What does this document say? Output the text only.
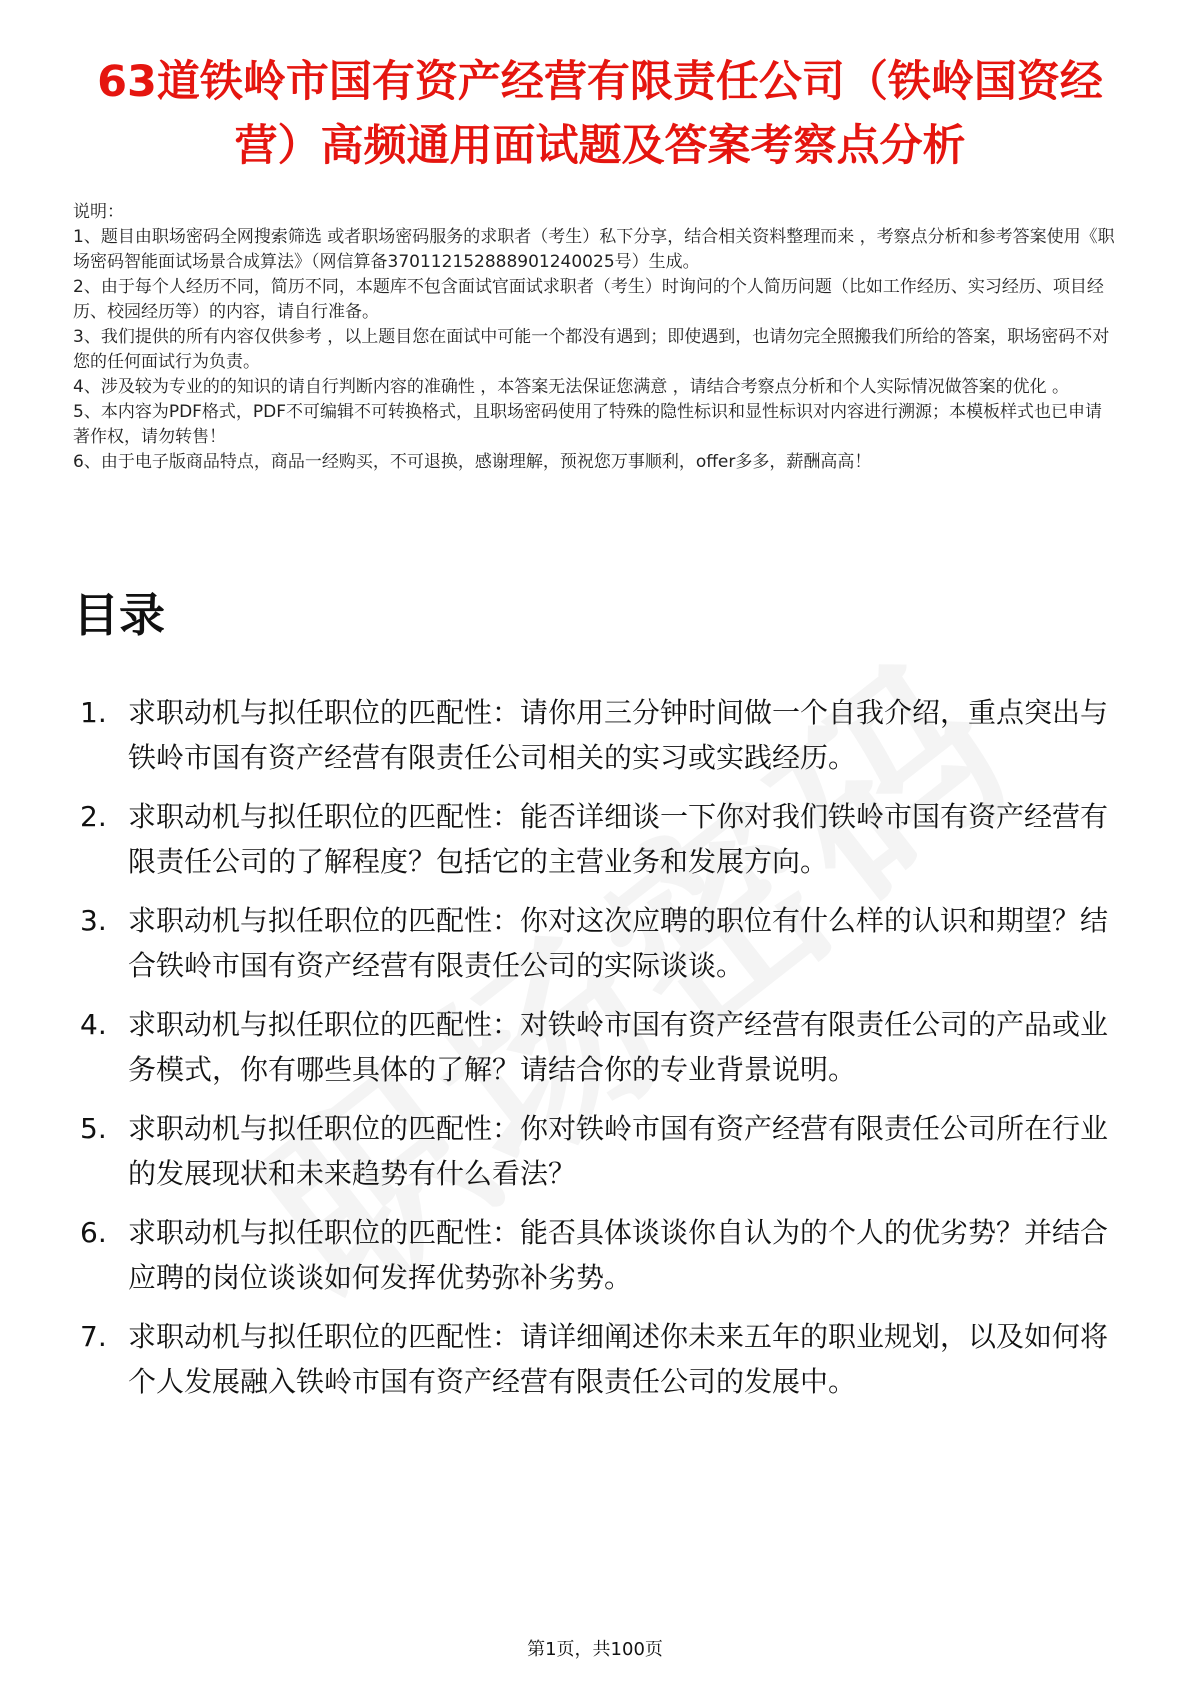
63道铁岭市国有资产经营有限责任公司（铁岭国资经营）高频通用面试题及答案考察点分析
说明：
1、题目由职场密码全网搜索筛选 或者职场密码服务的求职者（考生）私下分享，结合相关资料整理而来 ，考察点分析和参考答案使用《职场密码智能面试场景合成算法》（网信算备370112152888901240025号）生成。
2、由于每个人经历不同，简历不同，本题库不包含面试官面试求职者（考生）时询问的个人简历问题（比如工作经历、实习经历、项目经历、校园经历等）的内容，请自行准备。
3、我们提供的所有内容仅供参考 ，以上题目您在面试中可能一个都没有遇到；即使遇到，也请勿完全照搬我们所给的答案，职场密码不对您的任何面试行为负责。
4、涉及较为专业的的知识的请自行判断内容的准确性 ，本答案无法保证您满意 ，请结合考察点分析和个人实际情况做答案的优化 。
5、本内容为PDF格式，PDF不可编辑不可转换格式，且职场密码使用了特殊的隐性标识和显性标识对内容进行溯源；本模板样式也已申请著作权，请勿转售！
6、由于电子版商品特点，商品一经购买，不可退换，感谢理解，预祝您万事顺利，offer多多，薪酬高高！
目录
1. 求职动机与拟任职位的匹配性：请你用三分钟时间做一个自我介绍，重点突出与铁岭市国有资产经营有限责任公司相关的实习或实践经历。
2. 求职动机与拟任职位的匹配性：能否详细谈一下你对我们铁岭市国有资产经营有限责任公司的了解程度？包括它的主营业务和发展方向。
3. 求职动机与拟任职位的匹配性：你对这次应聘的职位有什么样的认识和期望？结合铁岭市国有资产经营有限责任公司的实际谈谈。
4. 求职动机与拟任职位的匹配性：对铁岭市国有资产经营有限责任公司的产品或业务模式，你有哪些具体的了解？请结合你的专业背景说明。
5. 求职动机与拟任职位的匹配性：你对铁岭市国有资产经营有限责任公司所在行业的发展现状和未来趋势有什么看法？
6. 求职动机与拟任职位的匹配性：能否具体谈谈你自认为的个人的优劣势？并结合应聘的岗位谈谈如何发挥优势弥补劣势。
7. 求职动机与拟任职位的匹配性：请详细阐述你未来五年的职业规划，以及如何将个人发展融入铁岭市国有资产经营有限责任公司的发展中。
第1页，共100页
